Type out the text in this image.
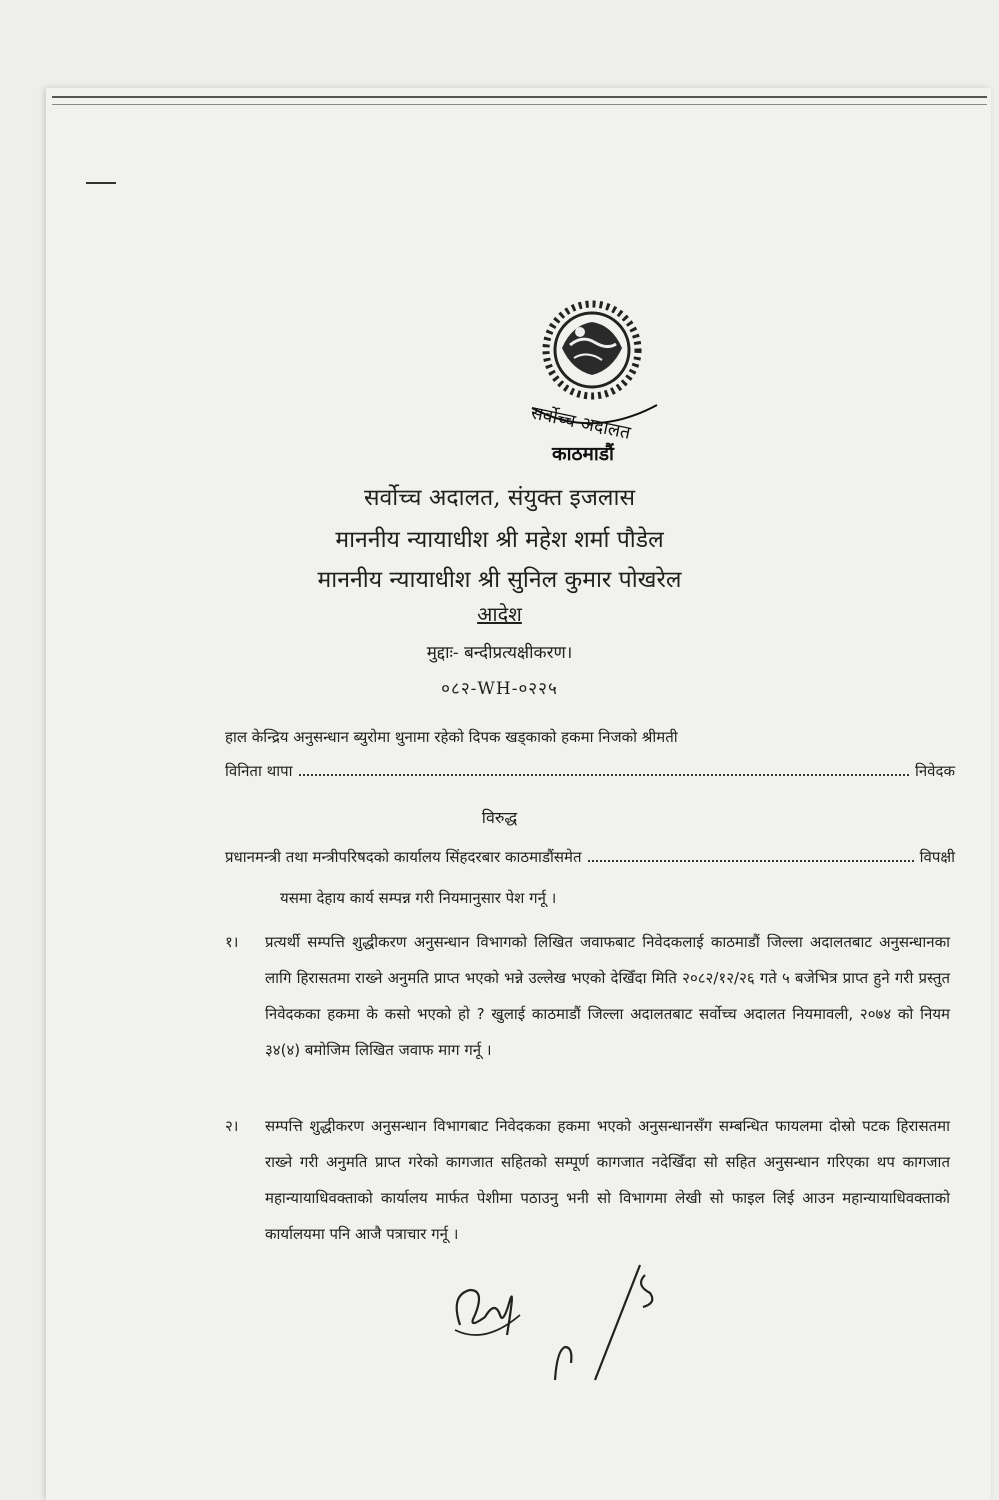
सर्वोच्च अदालत
काठमाडौं
सर्वोच्च अदालत, संयुक्त इजलास
माननीय न्यायाधीश श्री महेश शर्मा पौडेल
माननीय न्यायाधीश श्री सुनिल कुमार पोखरेल
आदेश
मुद्दाः- बन्दीप्रत्यक्षीकरण।
०८२-WH-०२२५
हाल केन्द्रिय अनुसन्धान ब्युरोमा थुनामा रहेको दिपक खड्काको हकमा निजको श्रीमती
विनिता थापा	निवेदक
विरुद्ध
प्रधानमन्त्री तथा मन्त्रीपरिषदको कार्यालय सिंहदरबार काठमाडौंसमेत	विपक्षी
यसमा देहाय कार्य सम्पन्न गरी नियमानुसार पेश गर्नू ।
१। प्रत्यर्थी सम्पत्ति शुद्धीकरण अनुसन्धान विभागको लिखित जवाफबाट निवेदकलाई काठमाडौं जिल्ला अदालतबाट अनुसन्धानका लागि हिरासतमा राख्ने अनुमति प्राप्त भएको भन्ने उल्लेख भएको देखिँदा मिति २०८२/१२/२६ गते ५ बजेभित्र प्राप्त हुने गरी प्रस्तुत निवेदकका हकमा के कसो भएको हो ? खुलाई काठमाडौं जिल्ला अदालतबाट सर्वोच्च अदालत नियमावली, २०७४ को नियम ३४(४) बमोजिम लिखित जवाफ माग गर्नू ।
२। सम्पत्ति शुद्धीकरण अनुसन्धान विभागबाट निवेदकका हकमा भएको अनुसन्धानसँग सम्बन्धित फायलमा दोस्रो पटक हिरासतमा राख्ने गरी अनुमति प्राप्त गरेको कागजात सहितको सम्पूर्ण कागजात नदेखिँदा सो सहित अनुसन्धान गरिएका थप कागजात महान्यायाधिवक्ताको कार्यालय मार्फत पेशीमा पठाउनु भनी सो विभागमा लेखी सो फाइल लिई आउन महान्यायाधिवक्ताको कार्यालयमा पनि आजै पत्राचार गर्नू ।
